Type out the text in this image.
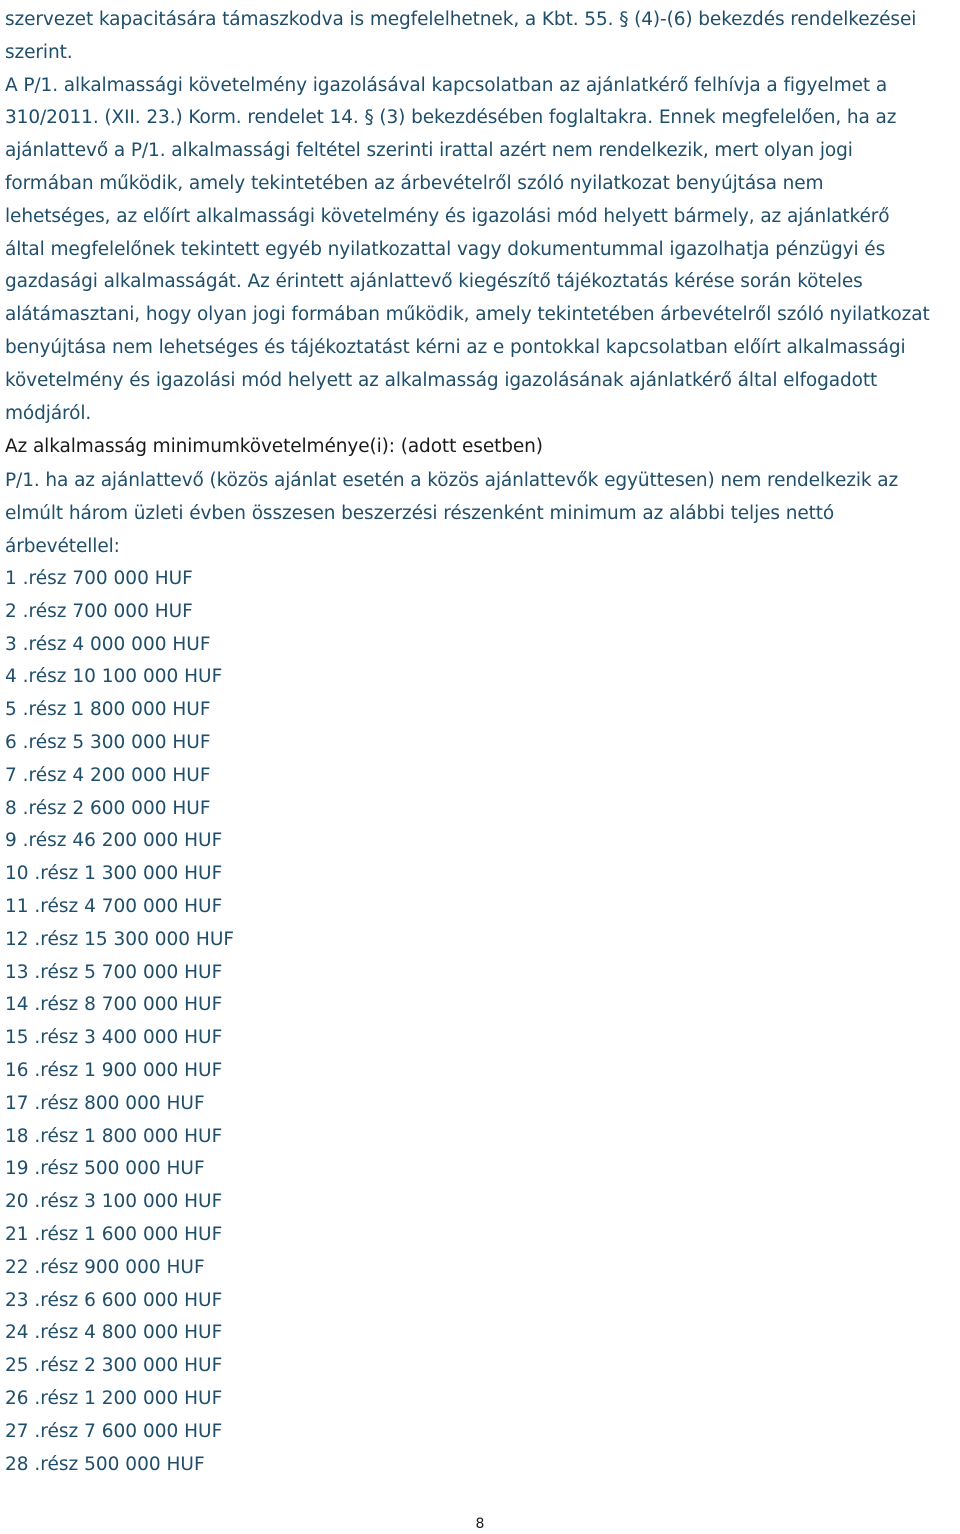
szervezet kapacitására támaszkodva is megfelelhetnek, a Kbt. 55. § (4)-(6) bekezdés rendelkezései
szerint.
A P/1. alkalmassági követelmény igazolásával kapcsolatban az ajánlatkérő felhívja a figyelmet a
310/2011. (XII. 23.) Korm. rendelet 14. § (3) bekezdésében foglaltakra. Ennek megfelelően, ha az
ajánlattevő a P/1. alkalmassági feltétel szerinti irattal azért nem rendelkezik, mert olyan jogi
formában működik, amely tekintetében az árbevételről szóló nyilatkozat benyújtása nem
lehetséges, az előírt alkalmassági követelmény és igazolási mód helyett bármely, az ajánlatkérő
által megfelelőnek tekintett egyéb nyilatkozattal vagy dokumentummal igazolhatja pénzügyi és
gazdasági alkalmasságát. Az érintett ajánlattevő kiegészítő tájékoztatás kérése során köteles
alátámasztani, hogy olyan jogi formában működik, amely tekintetében árbevételről szóló nyilatkozat
benyújtása nem lehetséges és tájékoztatást kérni az e pontokkal kapcsolatban előírt alkalmassági
követelmény és igazolási mód helyett az alkalmasság igazolásának ajánlatkérő által elfogadott
módjáról.
Az alkalmasság minimumkövetelménye(i): (adott esetben)
P/1. ha az ajánlattevő (közös ajánlat esetén a közös ajánlattevők együttesen) nem rendelkezik az
elmúlt három üzleti évben összesen beszerzési részenként minimum az alábbi teljes nettó
árbevétellel:
1 .rész 700 000 HUF
2 .rész 700 000 HUF
3 .rész 4 000 000 HUF
4 .rész 10 100 000 HUF
5 .rész 1 800 000 HUF
6 .rész 5 300 000 HUF
7 .rész 4 200 000 HUF
8 .rész 2 600 000 HUF
9 .rész 46 200 000 HUF
10 .rész 1 300 000 HUF
11 .rész 4 700 000 HUF
12 .rész 15 300 000 HUF
13 .rész 5 700 000 HUF
14 .rész 8 700 000 HUF
15 .rész 3 400 000 HUF
16 .rész 1 900 000 HUF
17 .rész 800 000 HUF
18 .rész 1 800 000 HUF
19 .rész 500 000 HUF
20 .rész 3 100 000 HUF
21 .rész 1 600 000 HUF
22 .rész 900 000 HUF
23 .rész 6 600 000 HUF
24 .rész 4 800 000 HUF
25 .rész 2 300 000 HUF
26 .rész 1 200 000 HUF
27 .rész 7 600 000 HUF
28 .rész 500 000 HUF
8
